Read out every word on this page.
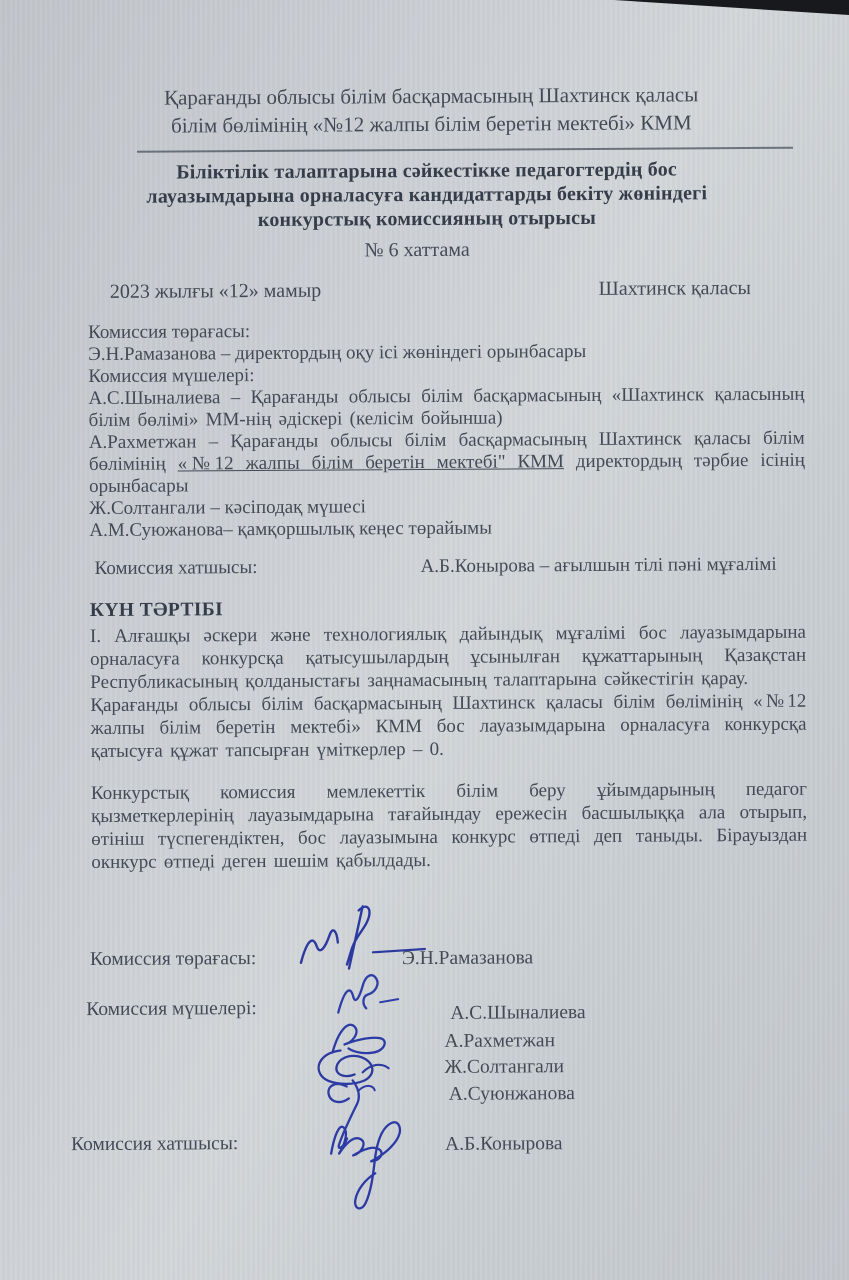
Қарағанды облысы білім басқармасының Шахтинск қаласы
білім бөлімінің «№12 жалпы білім беретін мектебі» КММ
Біліктілік талаптарына сәйкестікке педагогтердің бос
лауазымдарына орналасуға кандидаттарды бекіту жөніндегі
конкурстық комиссияның отырысы
№ 6 хаттама
2023 жылғы «12» мамыр	Шахтинск қаласы

Комиссия төрағасы:

Э.Н.Рамазанова – директордың оқу ісі жөніндегі орынбасары

Комиссия мүшелері:

А.С.Шыналиева – Қарағанды облысы білім басқармасының «Шахтинск қаласының білім бөлімі» ММ-нің әдіскері (келісім бойынша)

А.Рахметжан – Қарағанды облысы білім басқармасының Шахтинск қаласы білім бөлімінің «№12 жалпы білім беретін мектебі" КММ директордың тәрбие ісінің орынбасары

Ж.Солтангали – кәсіподақ мүшесі

А.М.Суюжанова– қамқоршылық кеңес төрайымы

Комиссия хатшысы:	А.Б.Конырова – ағылшын тілі пәні мұғалімі
КҮН ТӘРТІБІ

І. Алғашқы әскери және технологиялық дайындық мұғалімі бос лауазымдарына орналасуға конкурсқа қатысушылардың ұсынылған құжаттарының Қазақстан Республикасының қолданыстағы заңнамасының талаптарына сәйкестігін қарау.

Қарағанды облысы білім басқармасының Шахтинск қаласы білім бөлімінің «№12 жалпы білім беретін мектебі» КММ бос лауазымдарына орналасуға конкурсқа қатысуға құжат тапсырған үміткерлер – 0.

Конкурстық комиссия мемлекеттік білім беру ұйымдарының педагог қызметкерлерінің лауазымдарына тағайындау ережесін басшылыққа ала отырып, өтініш түспегендіктен, бос лауазымына конкурс өтпеді деп таныды. Бірауыздан окнкурс өтпеді деген шешім қабылдады.

Комиссия төрағасы:	Э.Н.Рамазанова
Комиссия мүшелері:	А.С.Шыналиева
А.Рахметжан
Ж.Солтангали
А.Суюнжанова
Комиссия хатшысы:	А.Б.Конырова
